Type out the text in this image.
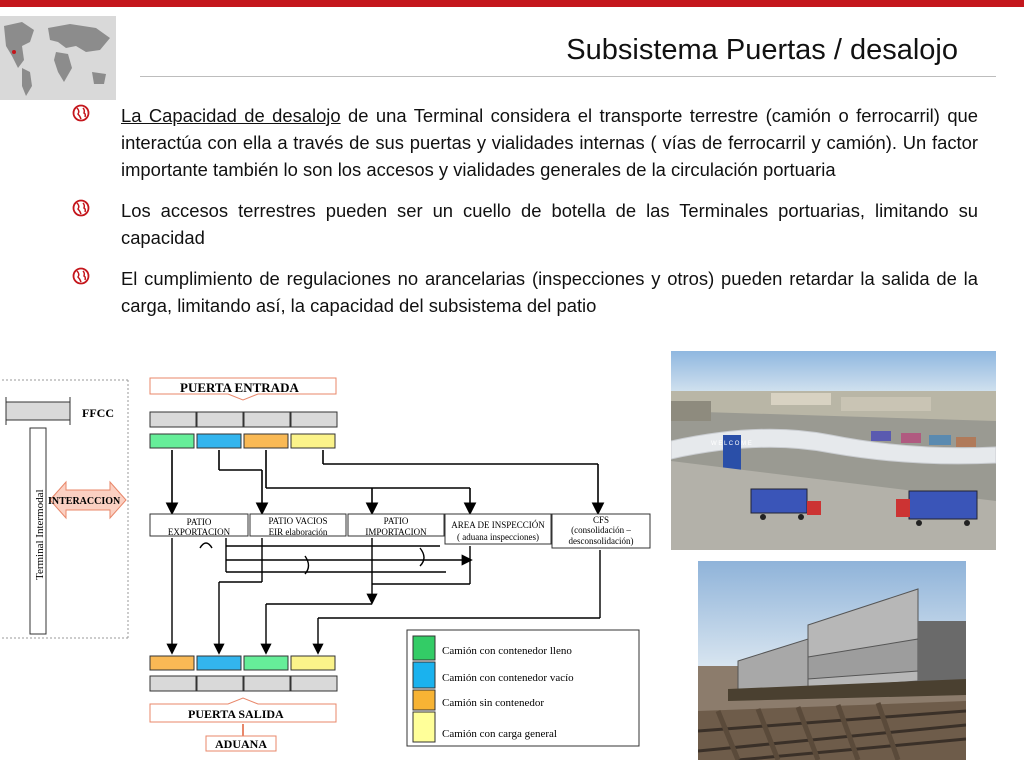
Subsistema Puertas / desalojo

La Capacidad de desalojo de una Terminal considera el transporte terrestre (camión o ferrocarril) que interactúa con ella a través de sus puertas y vialidades internas ( vías de ferrocarril y camión). Un factor importante también lo son los accesos y vialidades generales de la circulación portuaria

Los accesos terrestres pueden ser un cuello de botella de las Terminales portuarias, limitando su capacidad

El cumplimiento de regulaciones no arancelarias (inspecciones y otros) pueden retardar la salida de la carga, limitando así, la capacidad del subsistema del patio

FFCC
Terminal Intermodal INTERACCION
PUERTA ENTRADA
PATIO
EXPORTACION
PATIO VACIOS
EIR elaboración
PATIO
IMPORTACION
AREA DE INSPECCIÓN
( aduana inspecciones)
CFS
(consolidación –
desconsolidación)
PUERTA SALIDA
ADUANA
Camión con contenedor lleno
Camión con contenedor vacío
Camión sin contenedor
Camión con carga general
W E L C O M E
